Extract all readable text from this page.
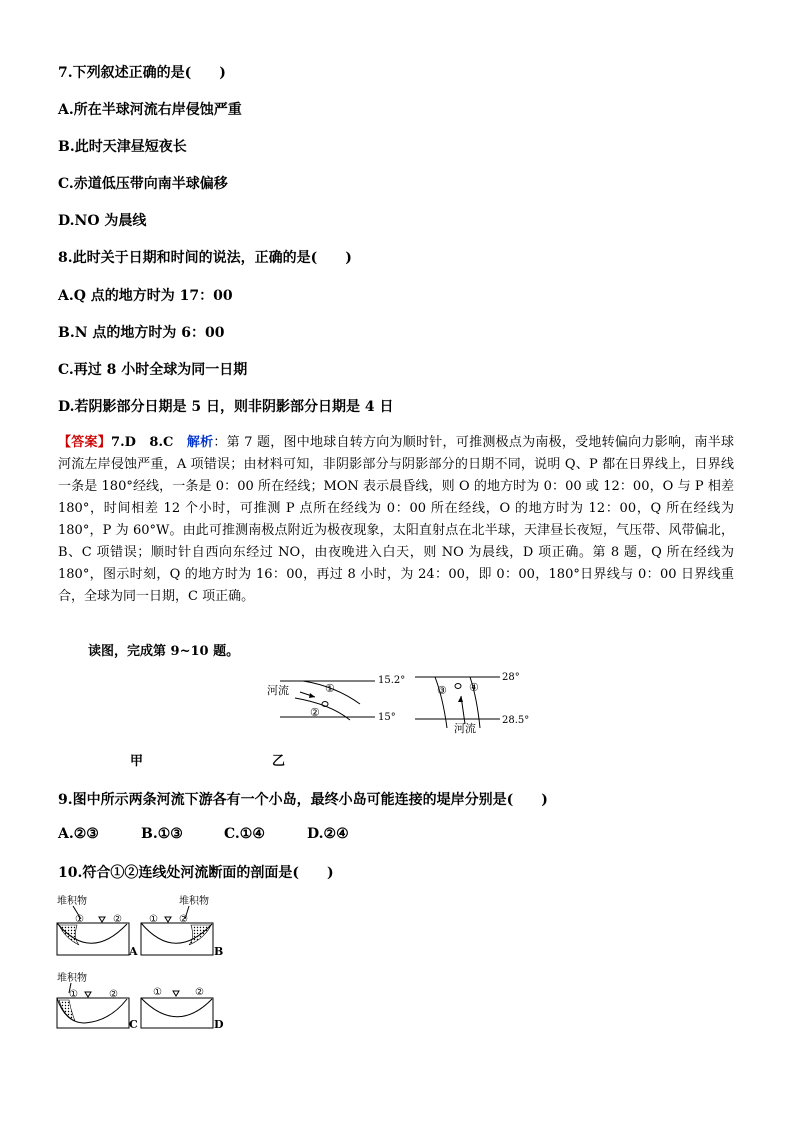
7.下列叙述正确的是(　　)
A.所在半球河流右岸侵蚀严重
B.此时天津昼短夜长
C.赤道低压带向南半球偏移
D.NO 为晨线
8.此时关于日期和时间的说法，正确的是(　　)
A.Q 点的地方时为 17：00
B.N 点的地方时为 6：00
C.再过 8 小时全球为同一日期
D.若阴影部分日期是 5 日，则非阴影部分日期是 4 日
【答案】7.D　8.C　解析：第 7 题，图中地球自转方向为顺时针，可推测极点为南极，受地转偏向力影响，南半球河流左岸侵蚀严重，A 项错误；由材料可知，非阴影部分与阴影部分的日期不同，说明 Q、P 都在日界线上，日界线一条是 180°经线，一条是 0：00 所在经线；MON 表示晨昏线，则 O 的地方时为 0：00 或 12：00，O 与 P 相差 180°，时间相差 12 个小时，可推测 P 点所在经线为 0：00 所在经线，O 的地方时为 12：00，Q 所在经线为 180°，P 为 60°W。由此可推测南极点附近为极夜现象，太阳直射点在北半球，天津昼长夜短，气压带、风带偏北，B、C 项错误；顺时针自西向东经过 NO，由夜晚进入白天，则 NO 为晨线，D 项正确。第 8 题，Q 所在经线为 180°，图示时刻，Q 的地方时为 16：00，再过 8 小时，为 24：00，即 0：00，180°日界线与 0：00 日界线重合，全球为同一日期，C 项正确。
读图，完成第 9~10 题。
河流	①
②
15.2°
15°
③ ④
河流
28°
28.5°
甲	乙
9.图中所示两条河流下游各有一个小岛，最终小岛可能连接的堤岸分别是(　　)
A.②③	B.①③	C.①④	D.②④
10.符合①②连线处河流断面的剖面是(　　)
堆积物
①	②
A
堆积物
① ②
B
堆积物
①	②
C
①	②
D
